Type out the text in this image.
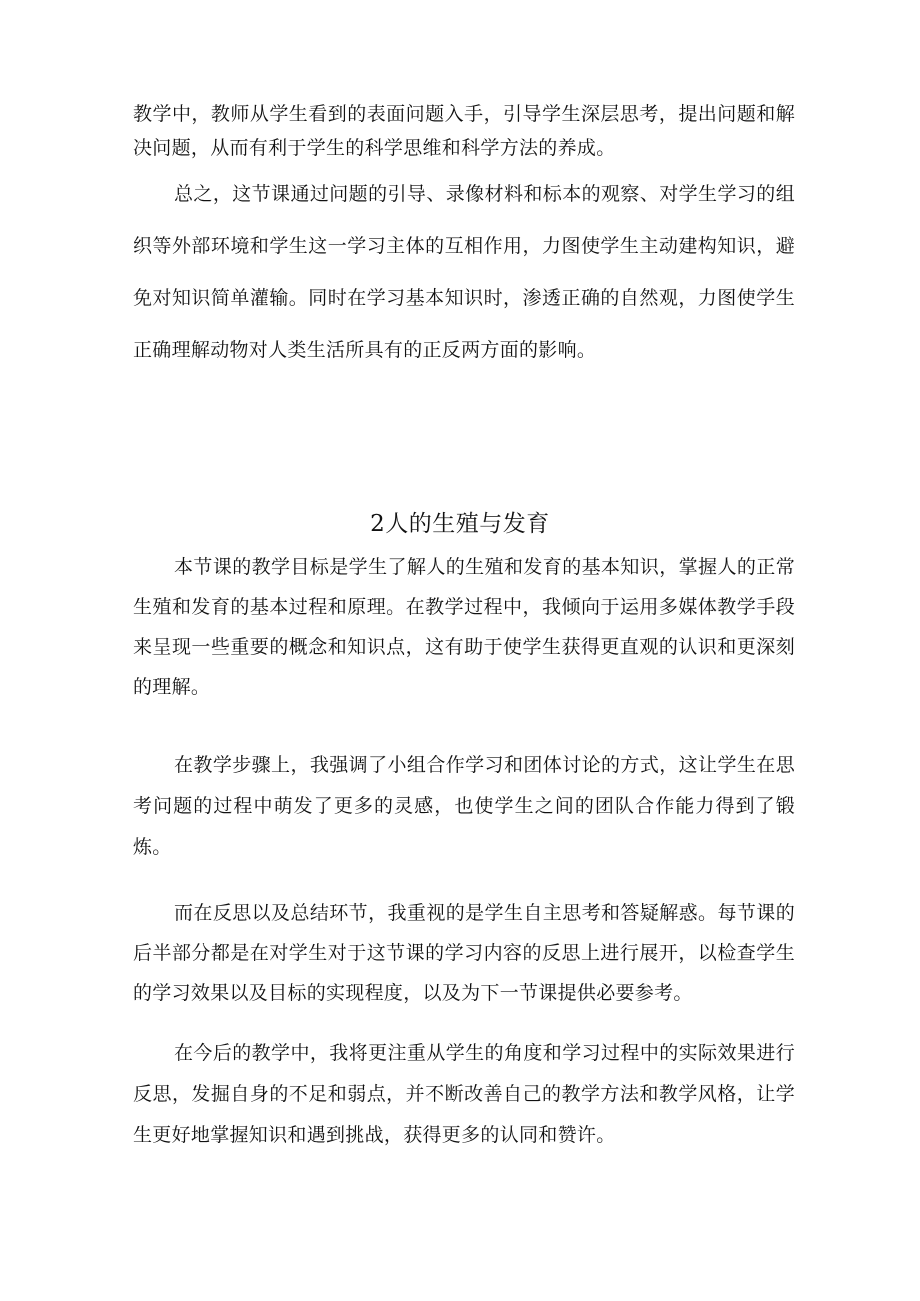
教学中，教师从学生看到的表面问题入手，引导学生深层思考，提出问题和解决问题，从而有利于学生的科学思维和科学方法的养成。

总之，这节课通过问题的引导、录像材料和标本的观察、对学生学习的组织等外部环境和学生这一学习主体的互相作用，力图使学生主动建构知识，避免对知识简单灌输。同时在学习基本知识时，渗透正确的自然观，力图使学生正确理解动物对人类生活所具有的正反两方面的影响。

2人的生殖与发育

本节课的教学目标是学生了解人的生殖和发育的基本知识，掌握人的正常生殖和发育的基本过程和原理。在教学过程中，我倾向于运用多媒体教学手段来呈现一些重要的概念和知识点，这有助于使学生获得更直观的认识和更深刻的理解。

在教学步骤上，我强调了小组合作学习和团体讨论的方式，这让学生在思考问题的过程中萌发了更多的灵感，也使学生之间的团队合作能力得到了锻炼。

而在反思以及总结环节，我重视的是学生自主思考和答疑解惑。每节课的后半部分都是在对学生对于这节课的学习内容的反思上进行展开，以检查学生的学习效果以及目标的实现程度，以及为下一节课提供必要参考。

在今后的教学中，我将更注重从学生的角度和学习过程中的实际效果进行反思，发掘自身的不足和弱点，并不断改善自己的教学方法和教学风格，让学生更好地掌握知识和遇到挑战，获得更多的认同和赞许。
